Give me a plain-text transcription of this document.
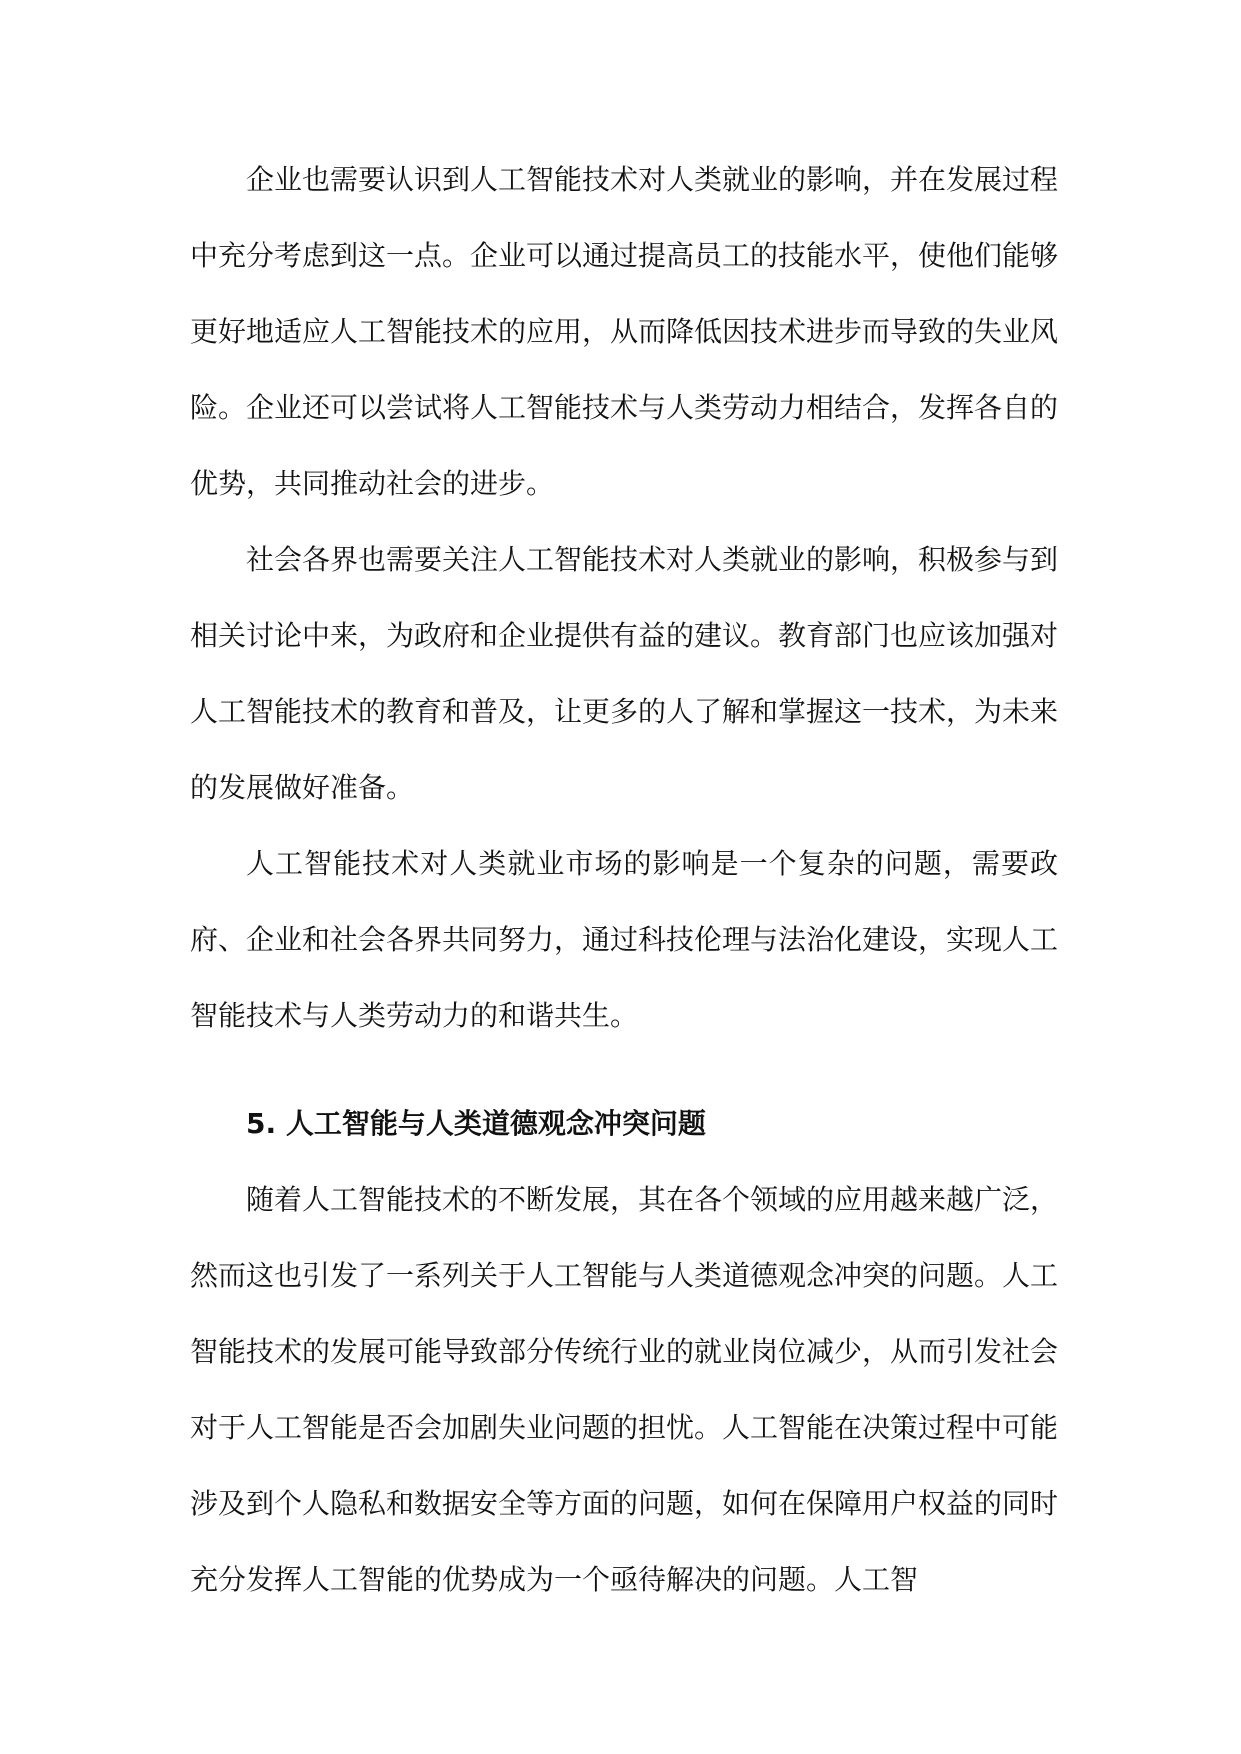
企业也需要认识到人工智能技术对人类就业的影响，并在发展过程中充分考虑到这一点。企业可以通过提高员工的技能水平，使他们能够更好地适应人工智能技术的应用，从而降低因技术进步而导致的失业风险。企业还可以尝试将人工智能技术与人类劳动力相结合，发挥各自的优势，共同推动社会的进步。

社会各界也需要关注人工智能技术对人类就业的影响，积极参与到相关讨论中来，为政府和企业提供有益的建议。教育部门也应该加强对人工智能技术的教育和普及，让更多的人了解和掌握这一技术，为未来的发展做好准备。

人工智能技术对人类就业市场的影响是一个复杂的问题，需要政府、企业和社会各界共同努力，通过科技伦理与法治化建设，实现人工智能技术与人类劳动力的和谐共生。

5. 人工智能与人类道德观念冲突问题

随着人工智能技术的不断发展，其在各个领域的应用越来越广泛，然而这也引发了一系列关于人工智能与人类道德观念冲突的问题。人工智能技术的发展可能导致部分传统行业的就业岗位减少，从而引发社会对于人工智能是否会加剧失业问题的担忧。人工智能在决策过程中可能涉及到个人隐私和数据安全等方面的问题，如何在保障用户权益的同时充分发挥人工智能的优势成为一个亟待解决的问题。人工智
